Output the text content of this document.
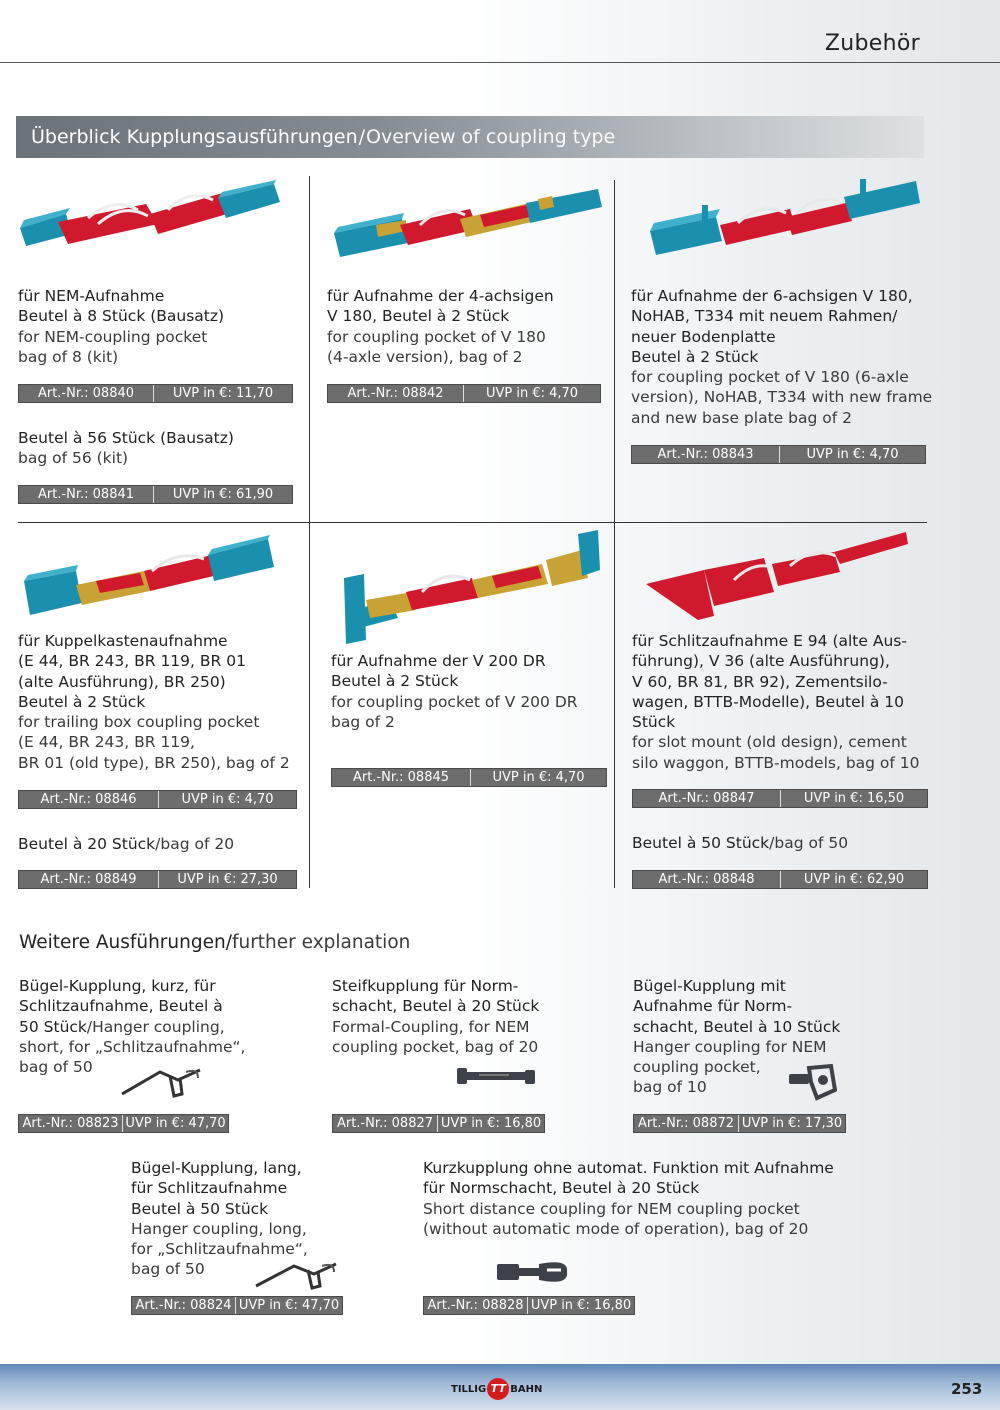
Zubehör
Überblick Kupplungsausführungen/Overview of coupling type

für NEM-Aufnahme

Beutel à 8 Stück (Bausatz)

for NEM-coupling pocket

bag of 8 (kit)

Art.-Nr.: 08840	UVP in €: 11,70

Beutel à 56 Stück (Bausatz)

bag of 56 (kit)

Art.-Nr.: 08841	UVP in €: 61,90

für Aufnahme der 4-achsigen

V 180, Beutel à 2 Stück

for coupling pocket of V 180

(4-axle version), bag of 2

Art.-Nr.: 08842	UVP in €: 4,70

für Aufnahme der 6-achsigen V 180,

NoHAB, T334 mit neuem Rahmen/

neuer Bodenplatte

Beutel à 2 Stück

for coupling pocket of V 180 (6-axle

version), NoHAB, T334 with new frame

and new base plate bag of 2

Art.-Nr.: 08843	UVP in €: 4,70

für Kuppelkastenaufnahme

(E 44, BR 243, BR 119, BR 01

(alte Ausführung), BR 250)

Beutel à 2 Stück

for trailing box coupling pocket

(E 44, BR 243, BR 119,

BR 01 (old type), BR 250), bag of 2

Art.-Nr.: 08846	UVP in €: 4,70

Beutel à 20 Stück/bag of 20

Art.-Nr.: 08849	UVP in €: 27,30

für Aufnahme der V 200 DR

Beutel à 2 Stück

for coupling pocket of V 200 DR

bag of 2

Art.-Nr.: 08845	UVP in €: 4,70

für Schlitzaufnahme E 94 (alte Aus-

führung), V 36 (alte Ausführung),

V 60, BR 81, BR 92), Zementsilo-

wagen, BTTB-Modelle), Beutel à 10

Stück

for slot mount (old design), cement

silo waggon, BTTB-models, bag of 10

Art.-Nr.: 08847	UVP in €: 16,50

Beutel à 50 Stück/bag of 50

Art.-Nr.: 08848	UVP in €: 62,90
Weitere Ausführungen/further explanation

Bügel-Kupplung, kurz, für

Schlitzaufnahme, Beutel à

50 Stück/Hanger coupling,

short, for „Schlitzaufnahme“,

bag of 50

Art.-Nr.: 08823 UVP in €: 47,70

Steifkupplung für Norm-

schacht, Beutel à 20 Stück

Formal-Coupling, for NEM

coupling pocket, bag of 20

Art.-Nr.: 08827 UVP in €: 16,80

Bügel-Kupplung mit

Aufnahme für Norm-

schacht, Beutel à 10 Stück

Hanger coupling for NEM

coupling pocket,

bag of 10

Art.-Nr.: 08872 UVP in €: 17,30

Bügel-Kupplung, lang,

für Schlitzaufnahme

Beutel à 50 Stück

Hanger coupling, long,

for „Schlitzaufnahme“,

bag of 50

Art.-Nr.: 08824 UVP in €: 47,70

Kurzkupplung ohne automat. Funktion mit Aufnahme

für Normschacht, Beutel à 20 Stück

Short distance coupling for NEM coupling pocket

(without automatic mode of operation), bag of 20

Art.-Nr.: 08828 UVP in €: 16,80
TILLIG TT BAHN	253
